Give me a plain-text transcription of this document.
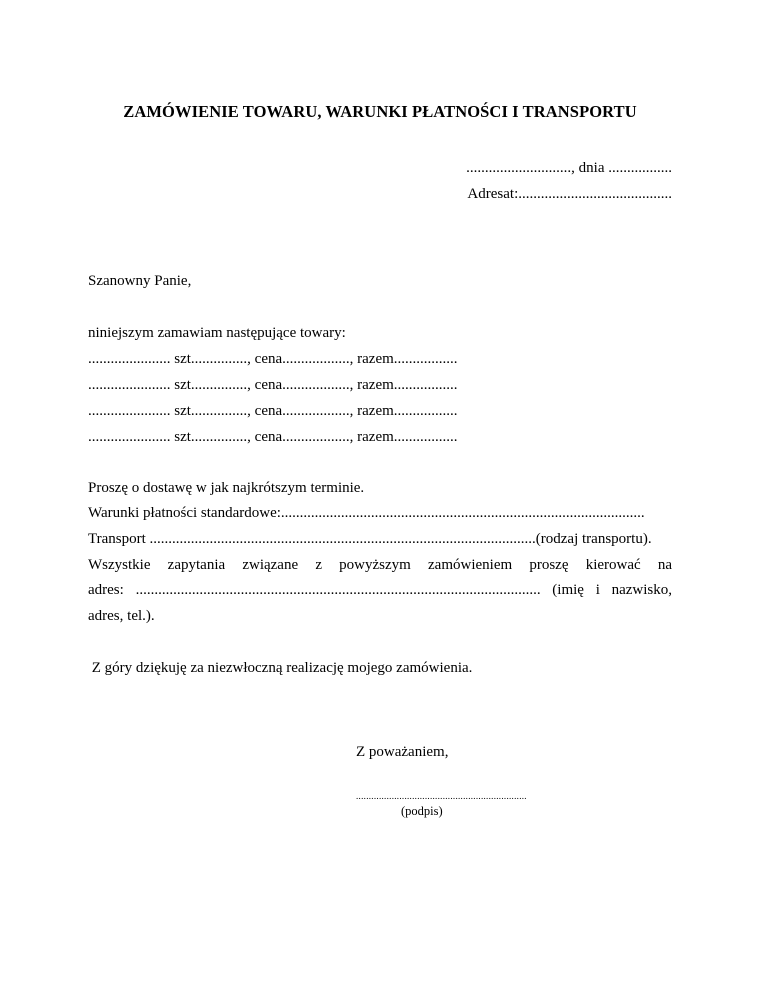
ZAMÓWIENIE TOWARU, WARUNKI PŁATNOŚCI I TRANSPORTU
............................, dnia .................
Adresat:.........................................
Szanowny Panie,
niniejszym zamawiam następujące towary:
...................... szt..............., cena.................., razem.................
...................... szt..............., cena.................., razem.................
...................... szt..............., cena.................., razem.................
...................... szt..............., cena.................., razem.................
Proszę o dostawę w jak najkrótszym terminie.
Warunki płatności standardowe:.................................................................................................
Transport .......................................................................................................(rodzaj transportu).
Wszystkie zapytania związane z powyższym zamówieniem proszę kierować na
adres: ............................................................................................................ (imię i nazwisko,
adres, tel.).
Z góry dziękuję za niezwłoczną realizację mojego zamówienia.
Z poważaniem,
...................................................................
(podpis)
